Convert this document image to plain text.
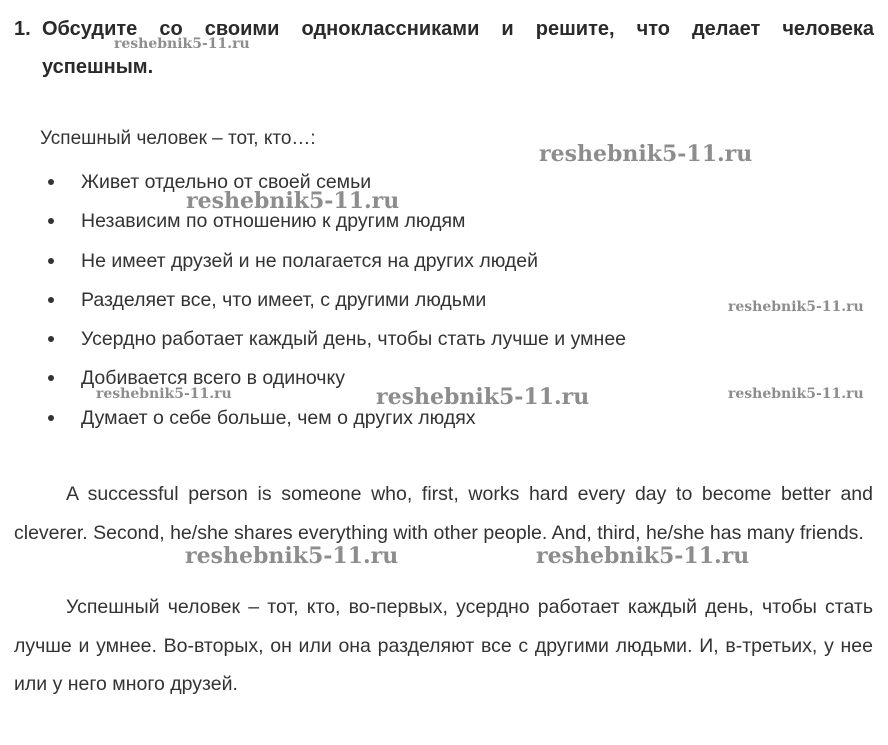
1. Обсудите со своими одноклассниками и решите, что делает человека
успешным.
Успешный человек – тот, кто…:
Живет отдельно от своей семьи
Независим по отношению к другим людям
Не имеет друзей и не полагается на других людей
Разделяет все, что имеет, с другими людьми
Усердно работает каждый день, чтобы стать лучше и умнее
Добивается всего в одиночку
Думает о себе больше, чем о других людях

A successful person is someone who, first, works hard every day to become better and cleverer. Second, he/she shares everything with other people. And, third, he/she has many friends.

Успешный человек – тот, кто, во-первых, усердно работает каждый день, чтобы стать лучше и умнее. Во-вторых, он или она разделяют все с другими людьми. И, в-третьих, у нее или у него много друзей.

reshebnik5-11.ru
reshebnik5-11.ru
reshebnik5-11.ru
reshebnik5-11.ru
reshebnik5-11.ru	reshebnik5-11.ru	reshebnik5-11.ru
reshebnik5-11.ru	reshebnik5-11.ru
